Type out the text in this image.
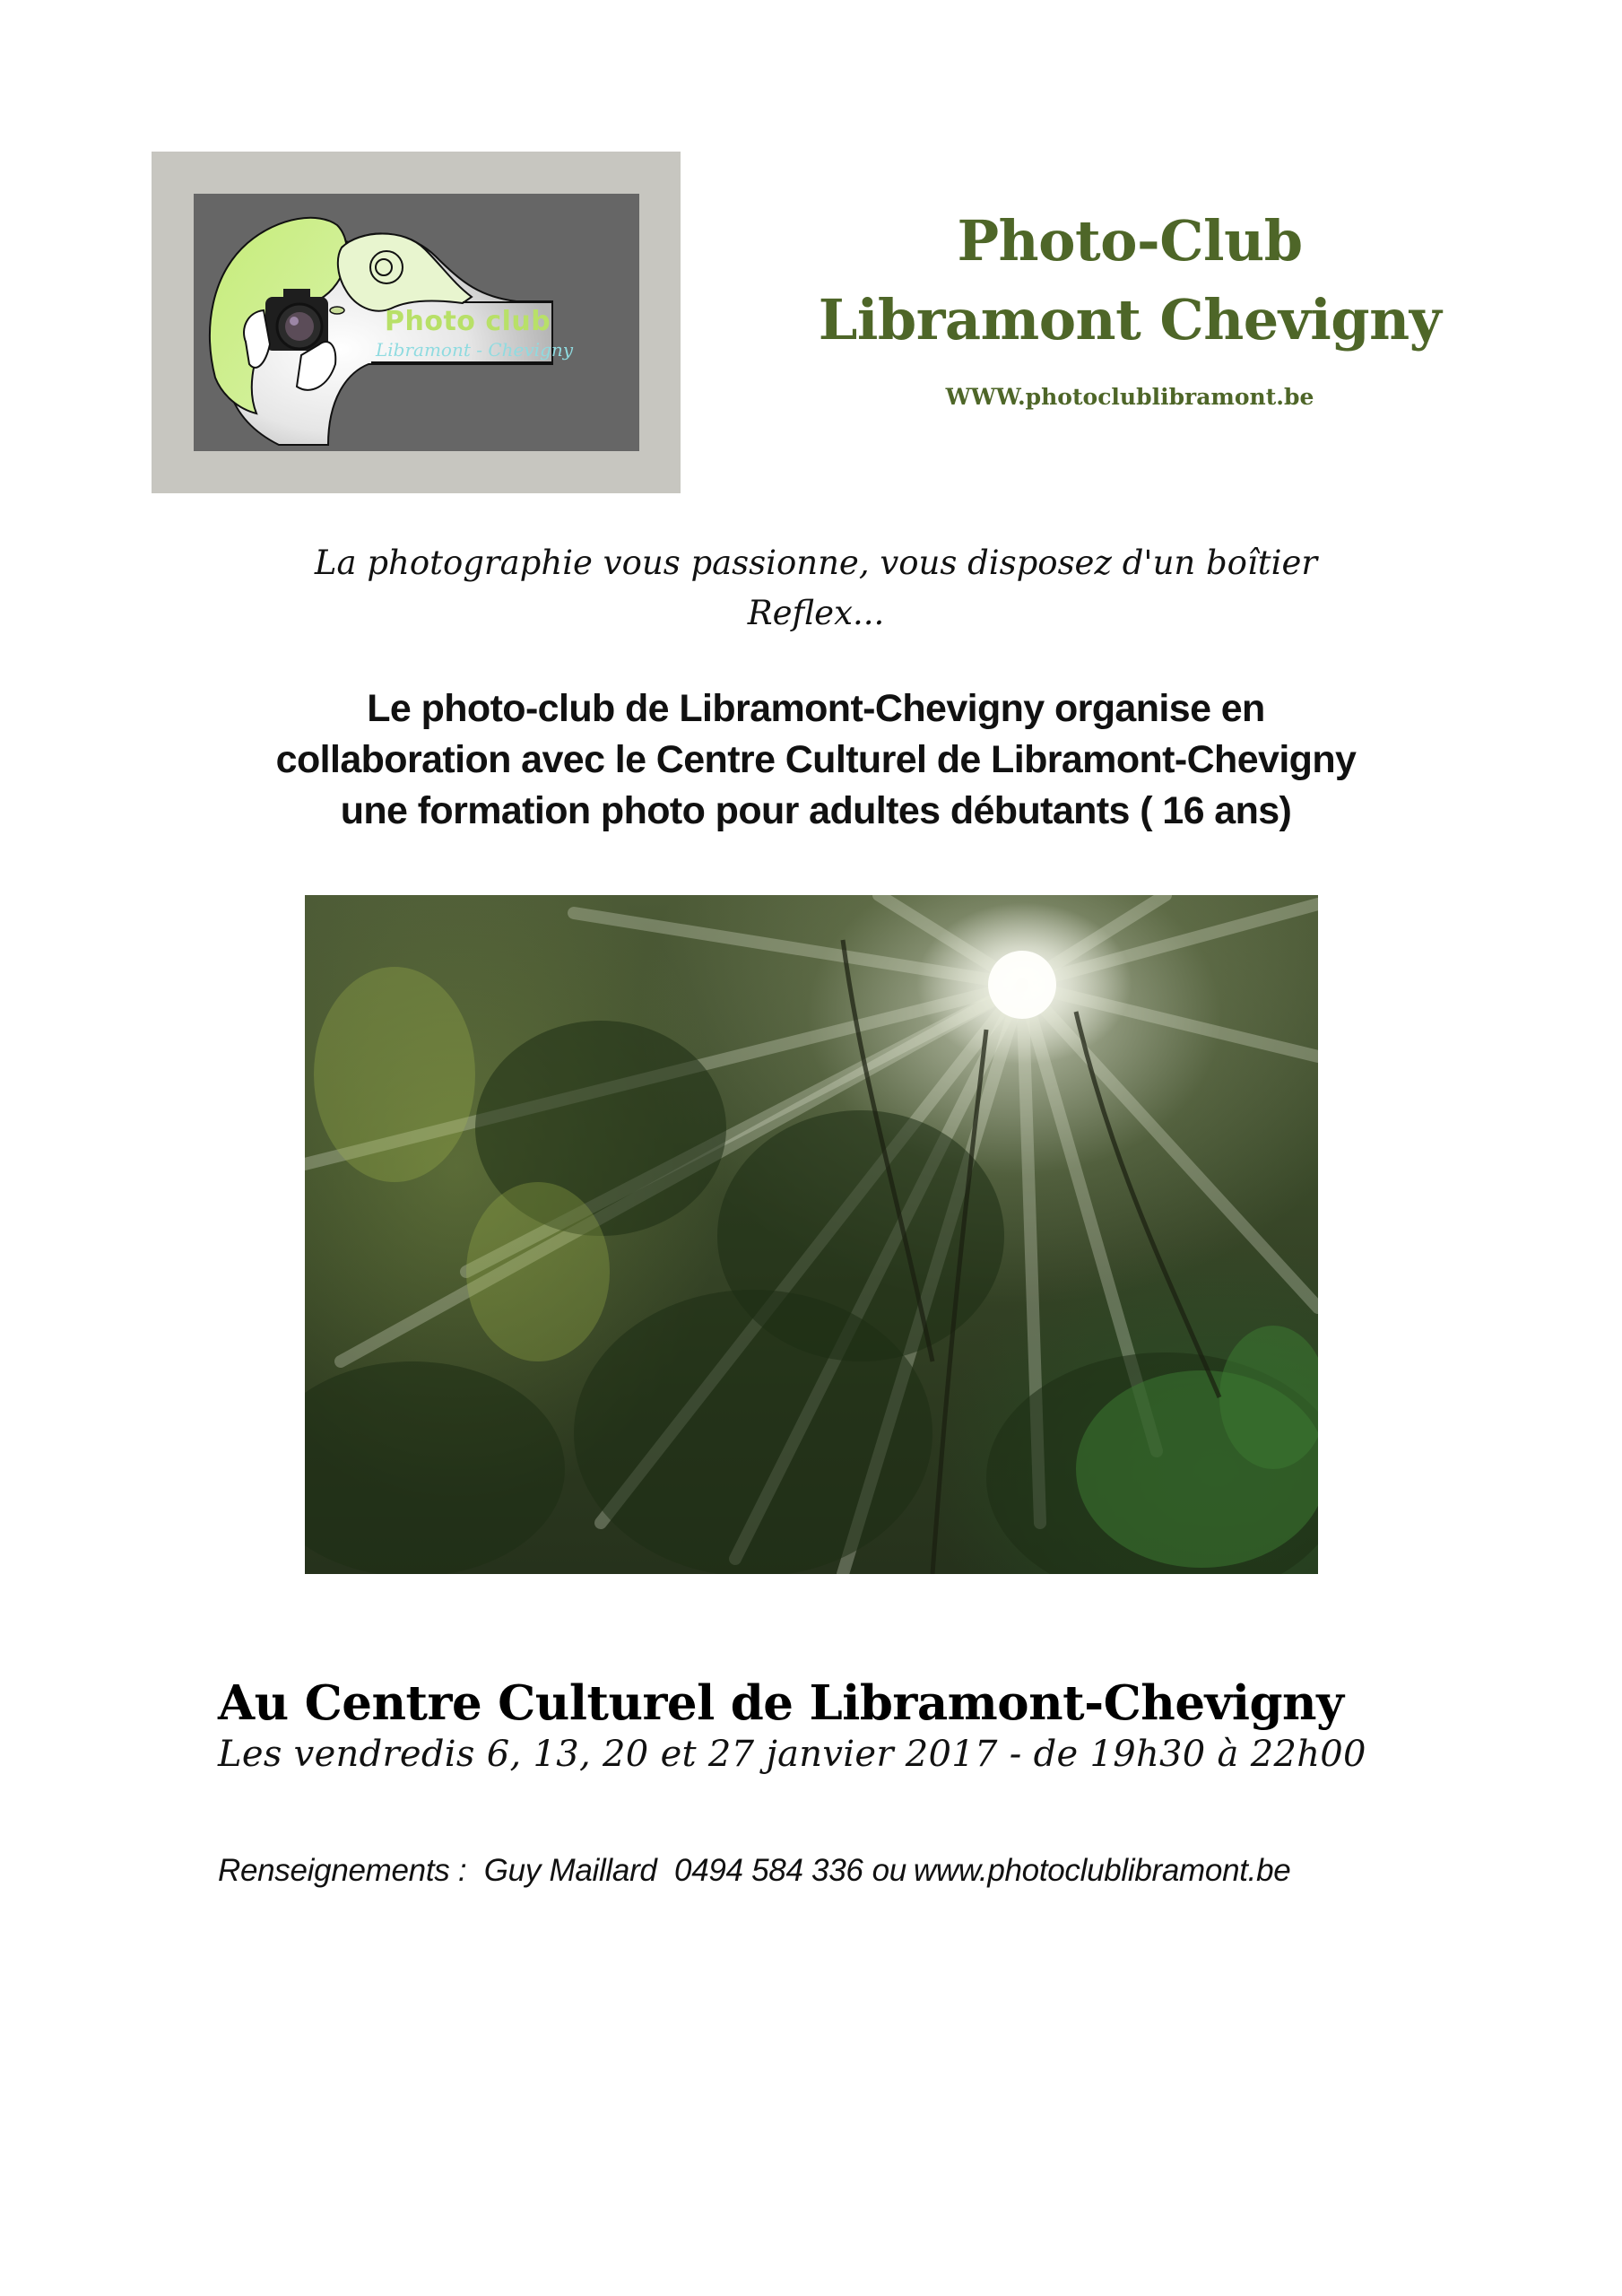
Photo club
Libramont - Chevigny
Photo-Club
Libramont Chevigny
WWW.photoclublibramont.be
La photographie vous passionne, vous disposez d'un boîtier
Reflex...
Le photo-club de Libramont-Chevigny organise en
collaboration avec le Centre Culturel de Libramont-Chevigny
une formation photo pour adultes débutants ( 16 ans)
Au Centre Culturel de Libramont-Chevigny
Les vendredis 6, 13, 20 et 27 janvier 2017 - de 19h30 à 22h00
Renseignements : Guy Maillard 0494 584 336 ou www.photoclublibramont.be
